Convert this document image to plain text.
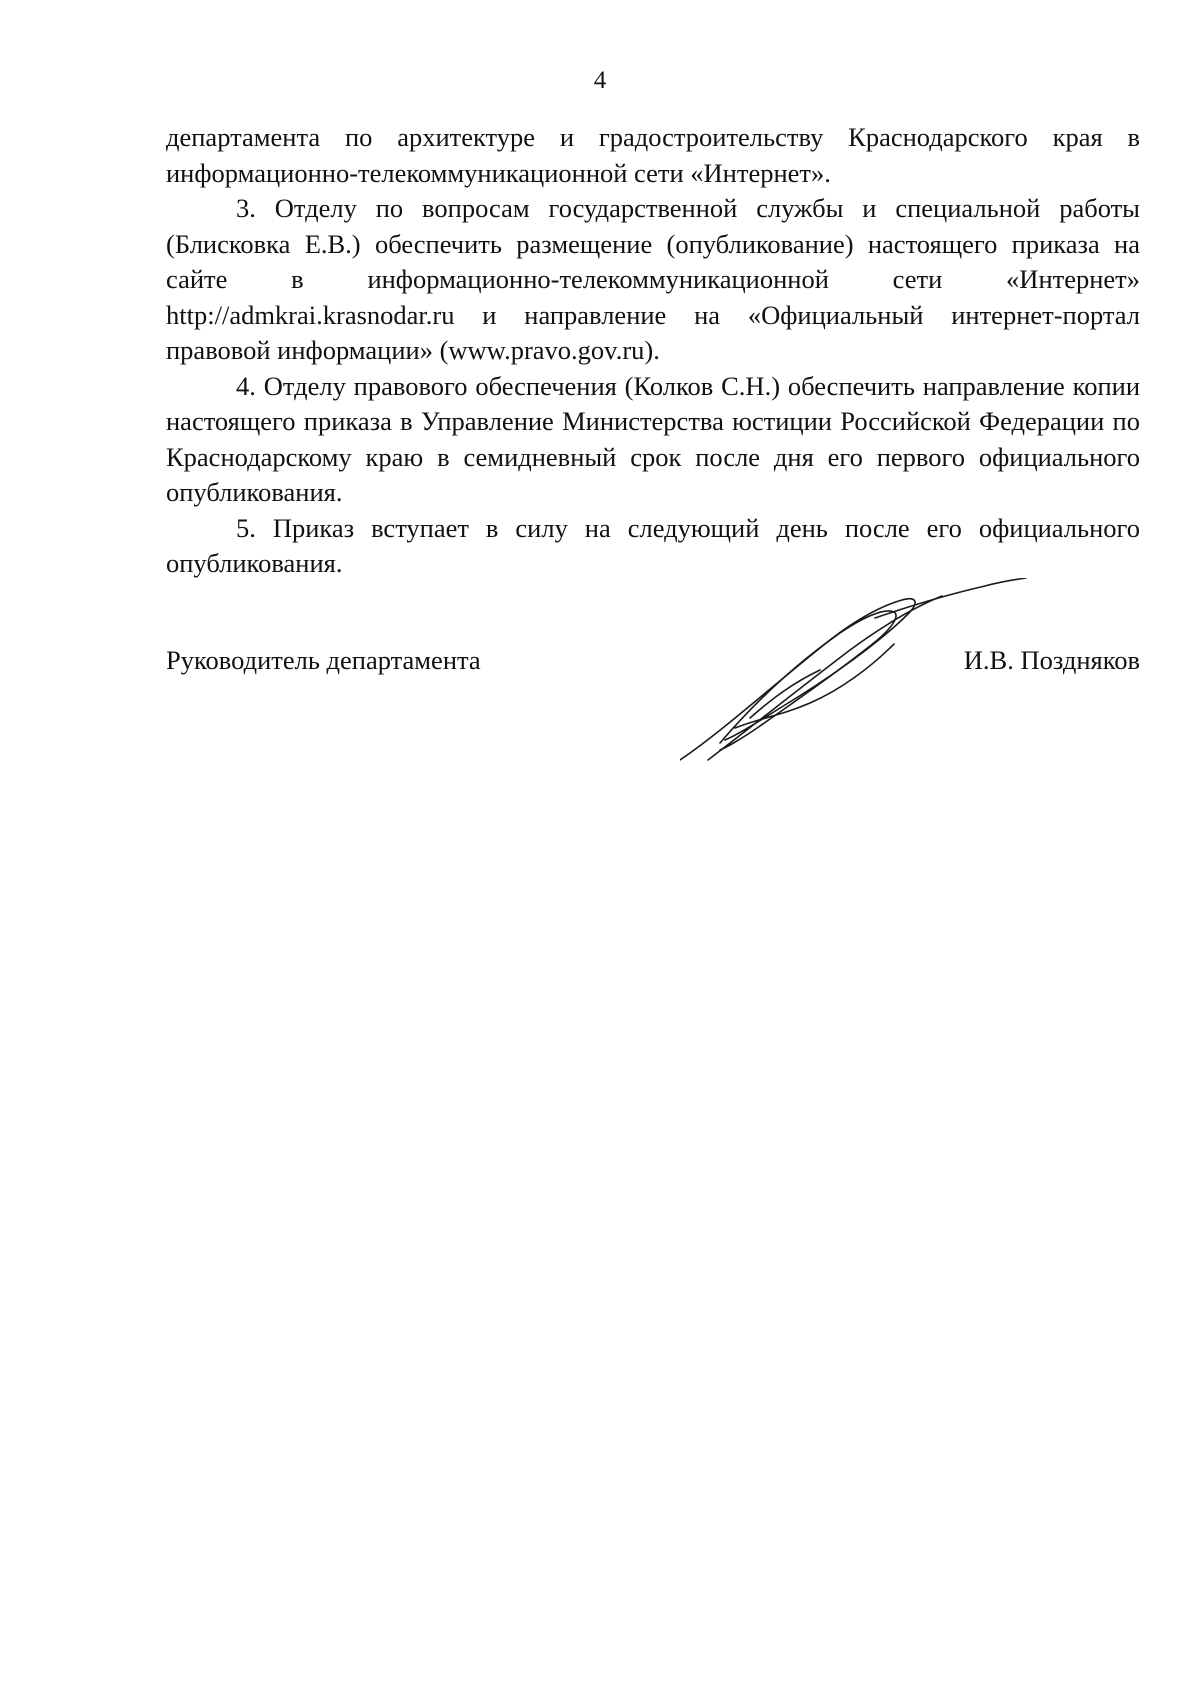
4

департамента по архитектуре и градостроительству Краснодарского края в информационно-телекоммуникационной сети «Интернет».

3. Отделу по вопросам государственной службы и специальной работы (Блисковка Е.В.) обеспечить размещение (опубликование) настоящего приказа на сайте в информационно-телекоммуникационной сети «Интернет» http://admkrai.krasnodar.ru и направление на «Официальный интернет-портал правовой информации» (www.pravo.gov.ru).

4. Отделу правового обеспечения (Колков С.Н.) обеспечить направление копии настоящего приказа в Управление Министерства юстиции Российской Федерации по Краснодарскому краю в семидневный срок после дня его первого официального опубликования.

5. Приказ вступает в силу на следующий день после его официального опубликования.

Руководитель департамента	И.В. Поздняков
